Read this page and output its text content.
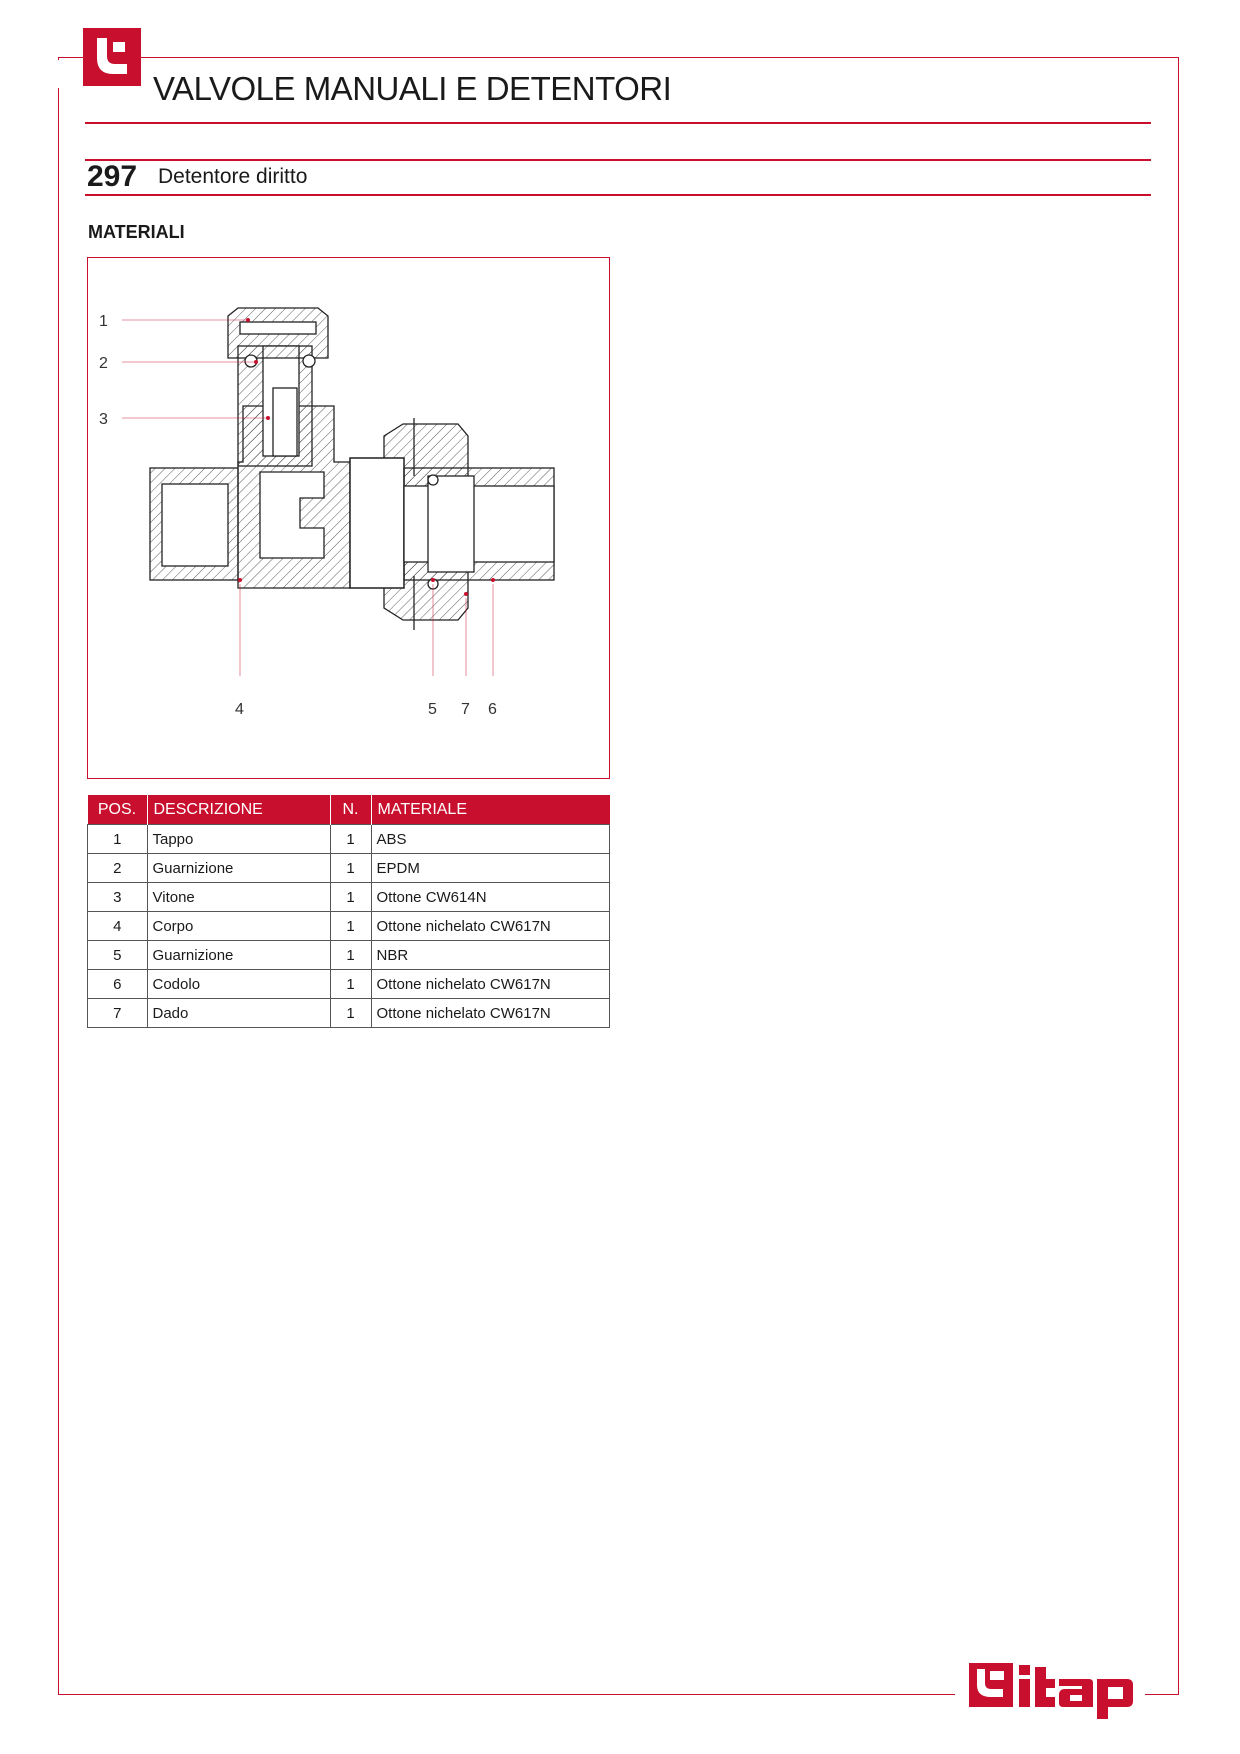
VALVOLE MANUALI E DETENTORI
297 Detentore diritto
MATERIALI
1
2
3
4	5 7 6
POS.	DESCRIZIONE	N.	MATERIALE
1	Tappo	1	ABS
2	Guarnizione	1	EPDM
3	Vitone	1	Ottone CW614N
4	Corpo	1	Ottone nichelato CW617N
5	Guarnizione	1	NBR
6	Codolo	1	Ottone nichelato CW617N
7	Dado	1	Ottone nichelato CW617N
